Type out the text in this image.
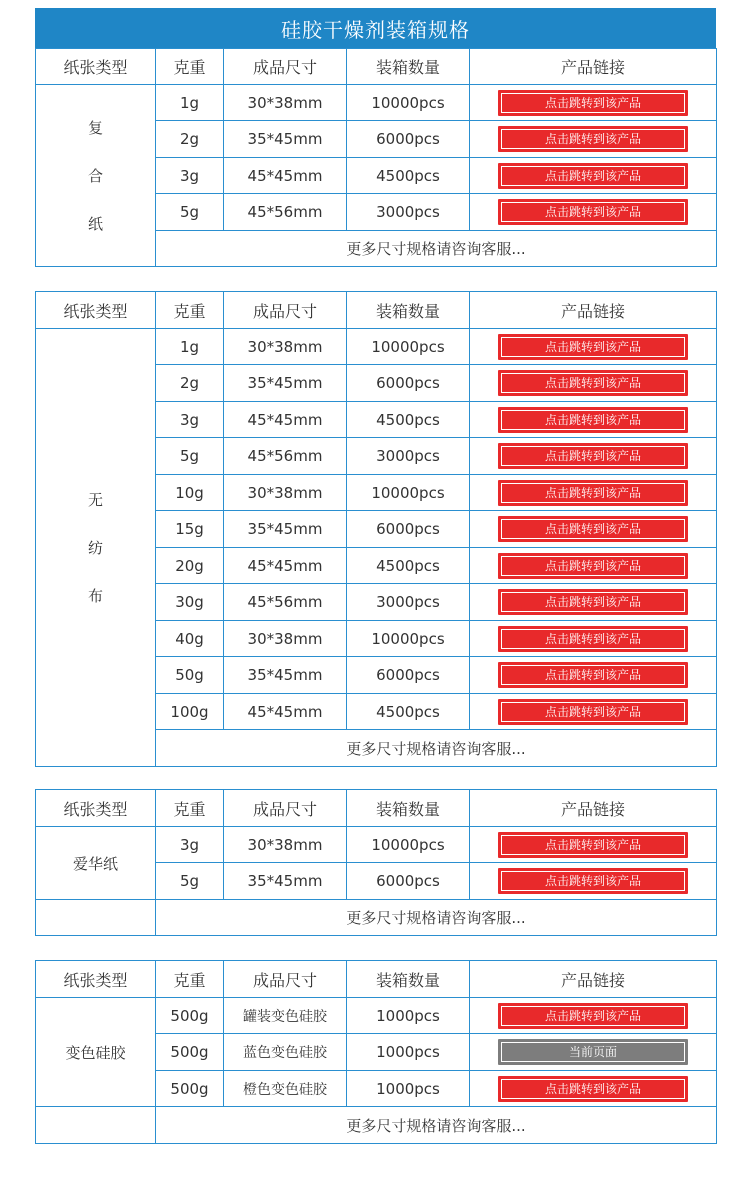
硅胶干燥剂装箱规格
纸张类型	克重	成品尺寸	装箱数量	产品链接

复
合
纸	1g	30*38mm	10000pcs	点击跳转到该产品

	2g	35*45mm	6000pcs	点击跳转到该产品

	3g	45*45mm	4500pcs	点击跳转到该产品

	5g	45*56mm	3000pcs	点击跳转到该产品

	更多尺寸规格请咨询客服...			
纸张类型	克重	成品尺寸	装箱数量	产品链接

无
纺
布	1g	30*38mm	10000pcs	点击跳转到该产品

	2g	35*45mm	6000pcs	点击跳转到该产品

	3g	45*45mm	4500pcs	点击跳转到该产品

	5g	45*56mm	3000pcs	点击跳转到该产品

	10g	30*38mm	10000pcs	点击跳转到该产品

	15g	35*45mm	6000pcs	点击跳转到该产品

	20g	45*45mm	4500pcs	点击跳转到该产品

	30g	45*56mm	3000pcs	点击跳转到该产品

	40g	30*38mm	10000pcs	点击跳转到该产品

	50g	35*45mm	6000pcs	点击跳转到该产品

	100g	45*45mm	4500pcs	点击跳转到该产品

	更多尺寸规格请咨询客服...			
纸张类型	克重	成品尺寸	装箱数量	产品链接
爱华纸	3g	30*38mm	10000pcs	点击跳转到该产品

	5g	35*45mm	6000pcs	点击跳转到该产品

	更多尺寸规格请咨询客服...			
纸张类型	克重	成品尺寸	装箱数量	产品链接
变色硅胶	500g	罐装变色硅胶	1000pcs	点击跳转到该产品

	500g	蓝色变色硅胶	1000pcs	当前页面

	500g	橙色变色硅胶	1000pcs	点击跳转到该产品

	更多尺寸规格请咨询客服...			
